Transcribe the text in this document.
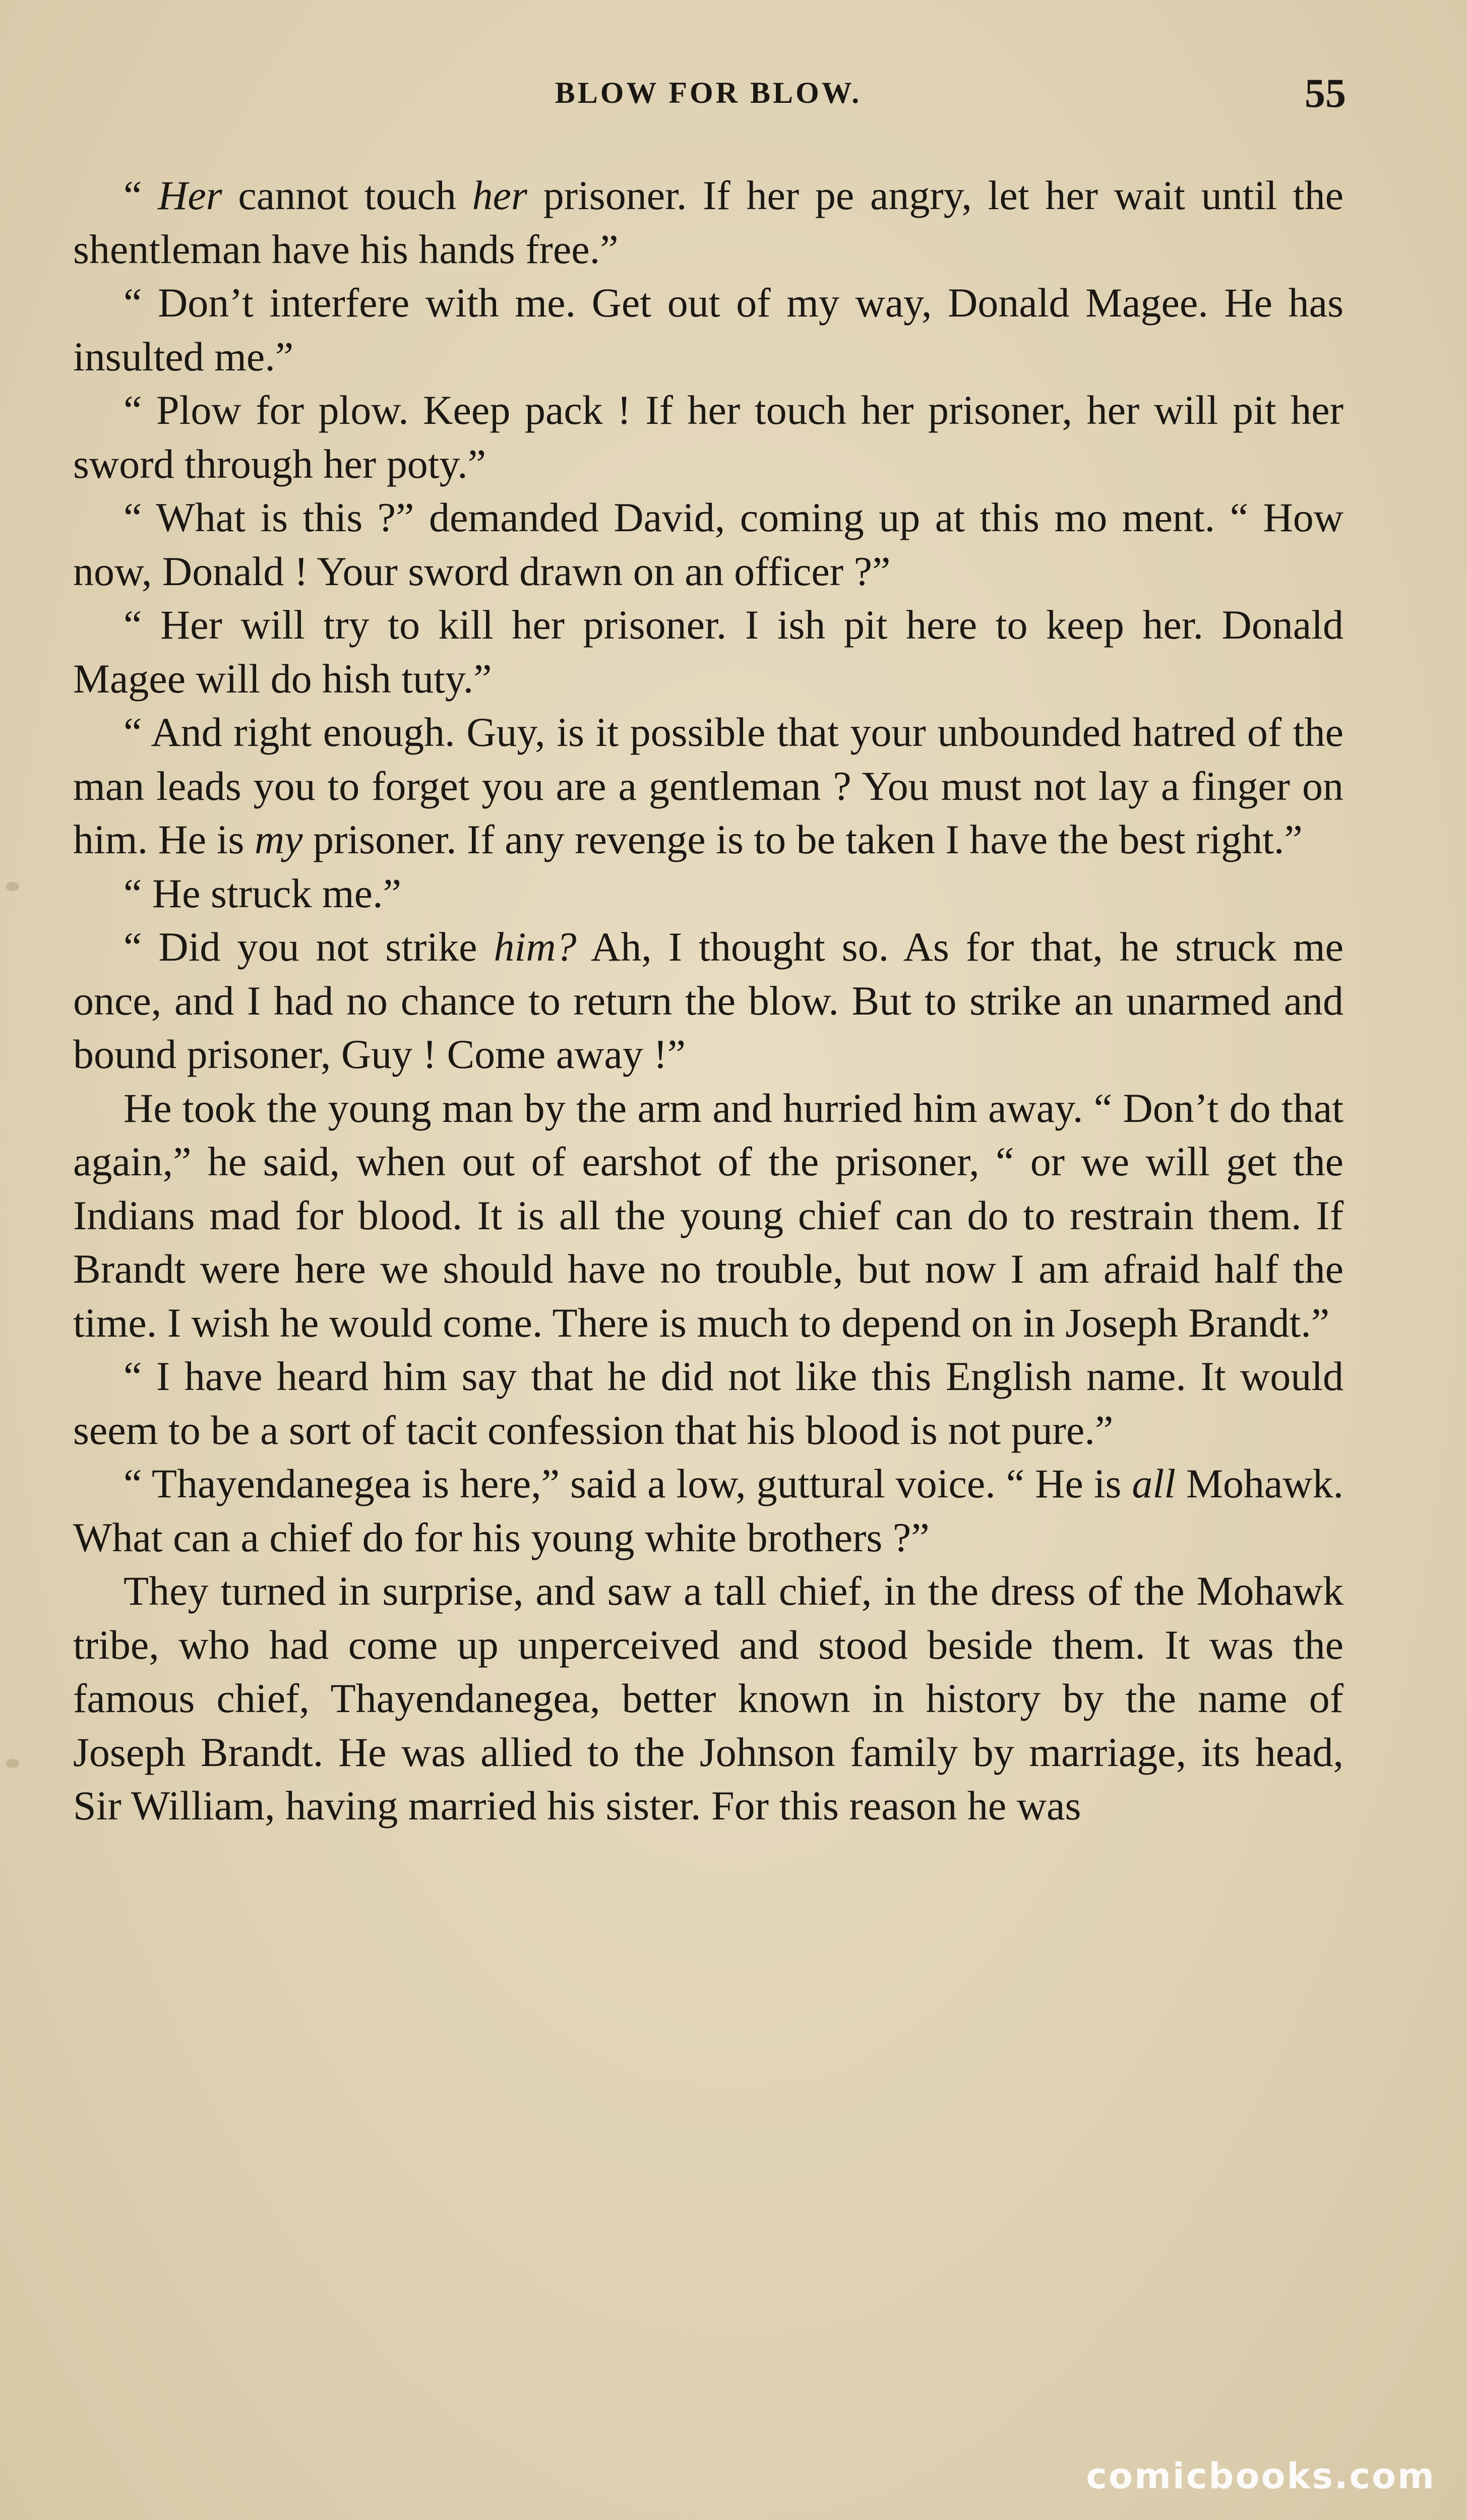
BLOW FOR BLOW.	55

“ Her cannot touch her prisoner. If her pe angry, let her wait until the shentleman have his hands free.”

“ Don’t interfere with me. Get out of my way, Donald Magee. He has insulted me.”

“ Plow for plow. Keep pack ! If her touch her prisoner, her will pit her sword through her poty.”

“ What is this ?” demanded David, coming up at this mo ment. “ How now, Donald ! Your sword drawn on an officer ?”

“ Her will try to kill her prisoner. I ish pit here to keep her. Donald Magee will do hish tuty.”

“ And right enough. Guy, is it possible that your unbounded hatred of the man leads you to forget you are a gentleman ? You must not lay a finger on him. He is my prisoner. If any revenge is to be taken I have the best right.”

“ He struck me.”

“ Did you not strike him? Ah, I thought so. As for that, he struck me once, and I had no chance to return the blow. But to strike an unarmed and bound prisoner, Guy ! Come away !”

He took the young man by the arm and hurried him away. “ Don’t do that again,” he said, when out of earshot of the prisoner, “ or we will get the Indians mad for blood. It is all the young chief can do to restrain them. If Brandt were here we should have no trouble, but now I am afraid half the time. I wish he would come. There is much to depend on in Joseph Brandt.”

“ I have heard him say that he did not like this English name. It would seem to be a sort of tacit confession that his blood is not pure.”

“ Thayendanegea is here,” said a low, guttural voice. “ He is all Mohawk. What can a chief do for his young white brothers ?”

They turned in surprise, and saw a tall chief, in the dress of the Mohawk tribe, who had come up unperceived and stood beside them. It was the famous chief, Thayendanegea, better known in history by the name of Joseph Brandt. He was allied to the Johnson family by marriage, its head, Sir William, having married his sister. For this reason he was

comicbooks.com
